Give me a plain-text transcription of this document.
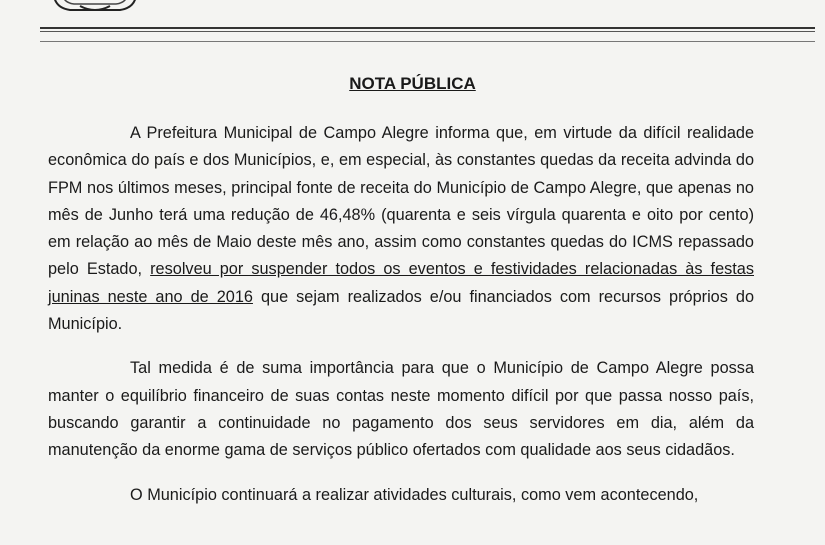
NOTA PÚBLICA

A Prefeitura Municipal de Campo Alegre informa que, em virtude da difícil realidade econômica do país e dos Municípios, e, em especial, às constantes quedas da receita advinda do FPM nos últimos meses, principal fonte de receita do Município de Campo Alegre, que apenas no mês de Junho terá uma redução de 46,48% (quarenta e seis vírgula quarenta e oito por cento) em relação ao mês de Maio deste mês ano, assim como constantes quedas do ICMS repassado pelo Estado, resolveu por suspender todos os eventos e festividades relacionadas às festas juninas neste ano de 2016 que sejam realizados e/ou financiados com recursos próprios do Município.

Tal medida é de suma importância para que o Município de Campo Alegre possa manter o equilíbrio financeiro de suas contas neste momento difícil por que passa nosso país, buscando garantir a continuidade no pagamento dos seus servidores em dia, além da manutenção da enorme gama de serviços público ofertados com qualidade aos seus cidadãos.

O Município continuará a realizar atividades culturais, como vem acontecendo,
